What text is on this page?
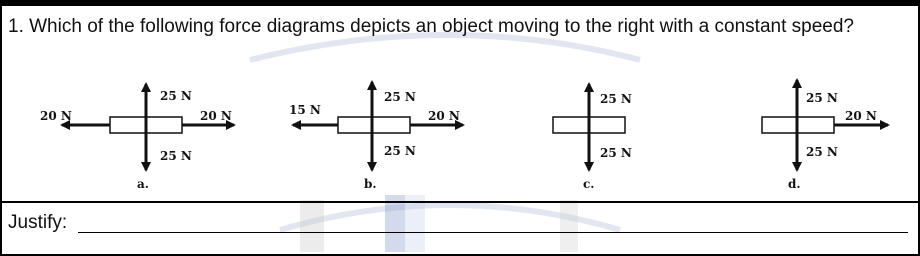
1. Which of the following force diagrams depicts an object moving to the right with a constant speed?
25 N
25 N
20 N	20 N
a.
25 N
25 N
15 N	20 N
b.
25 N
25 N
c.
25 N
25 N
20 N
d.
Justify:
